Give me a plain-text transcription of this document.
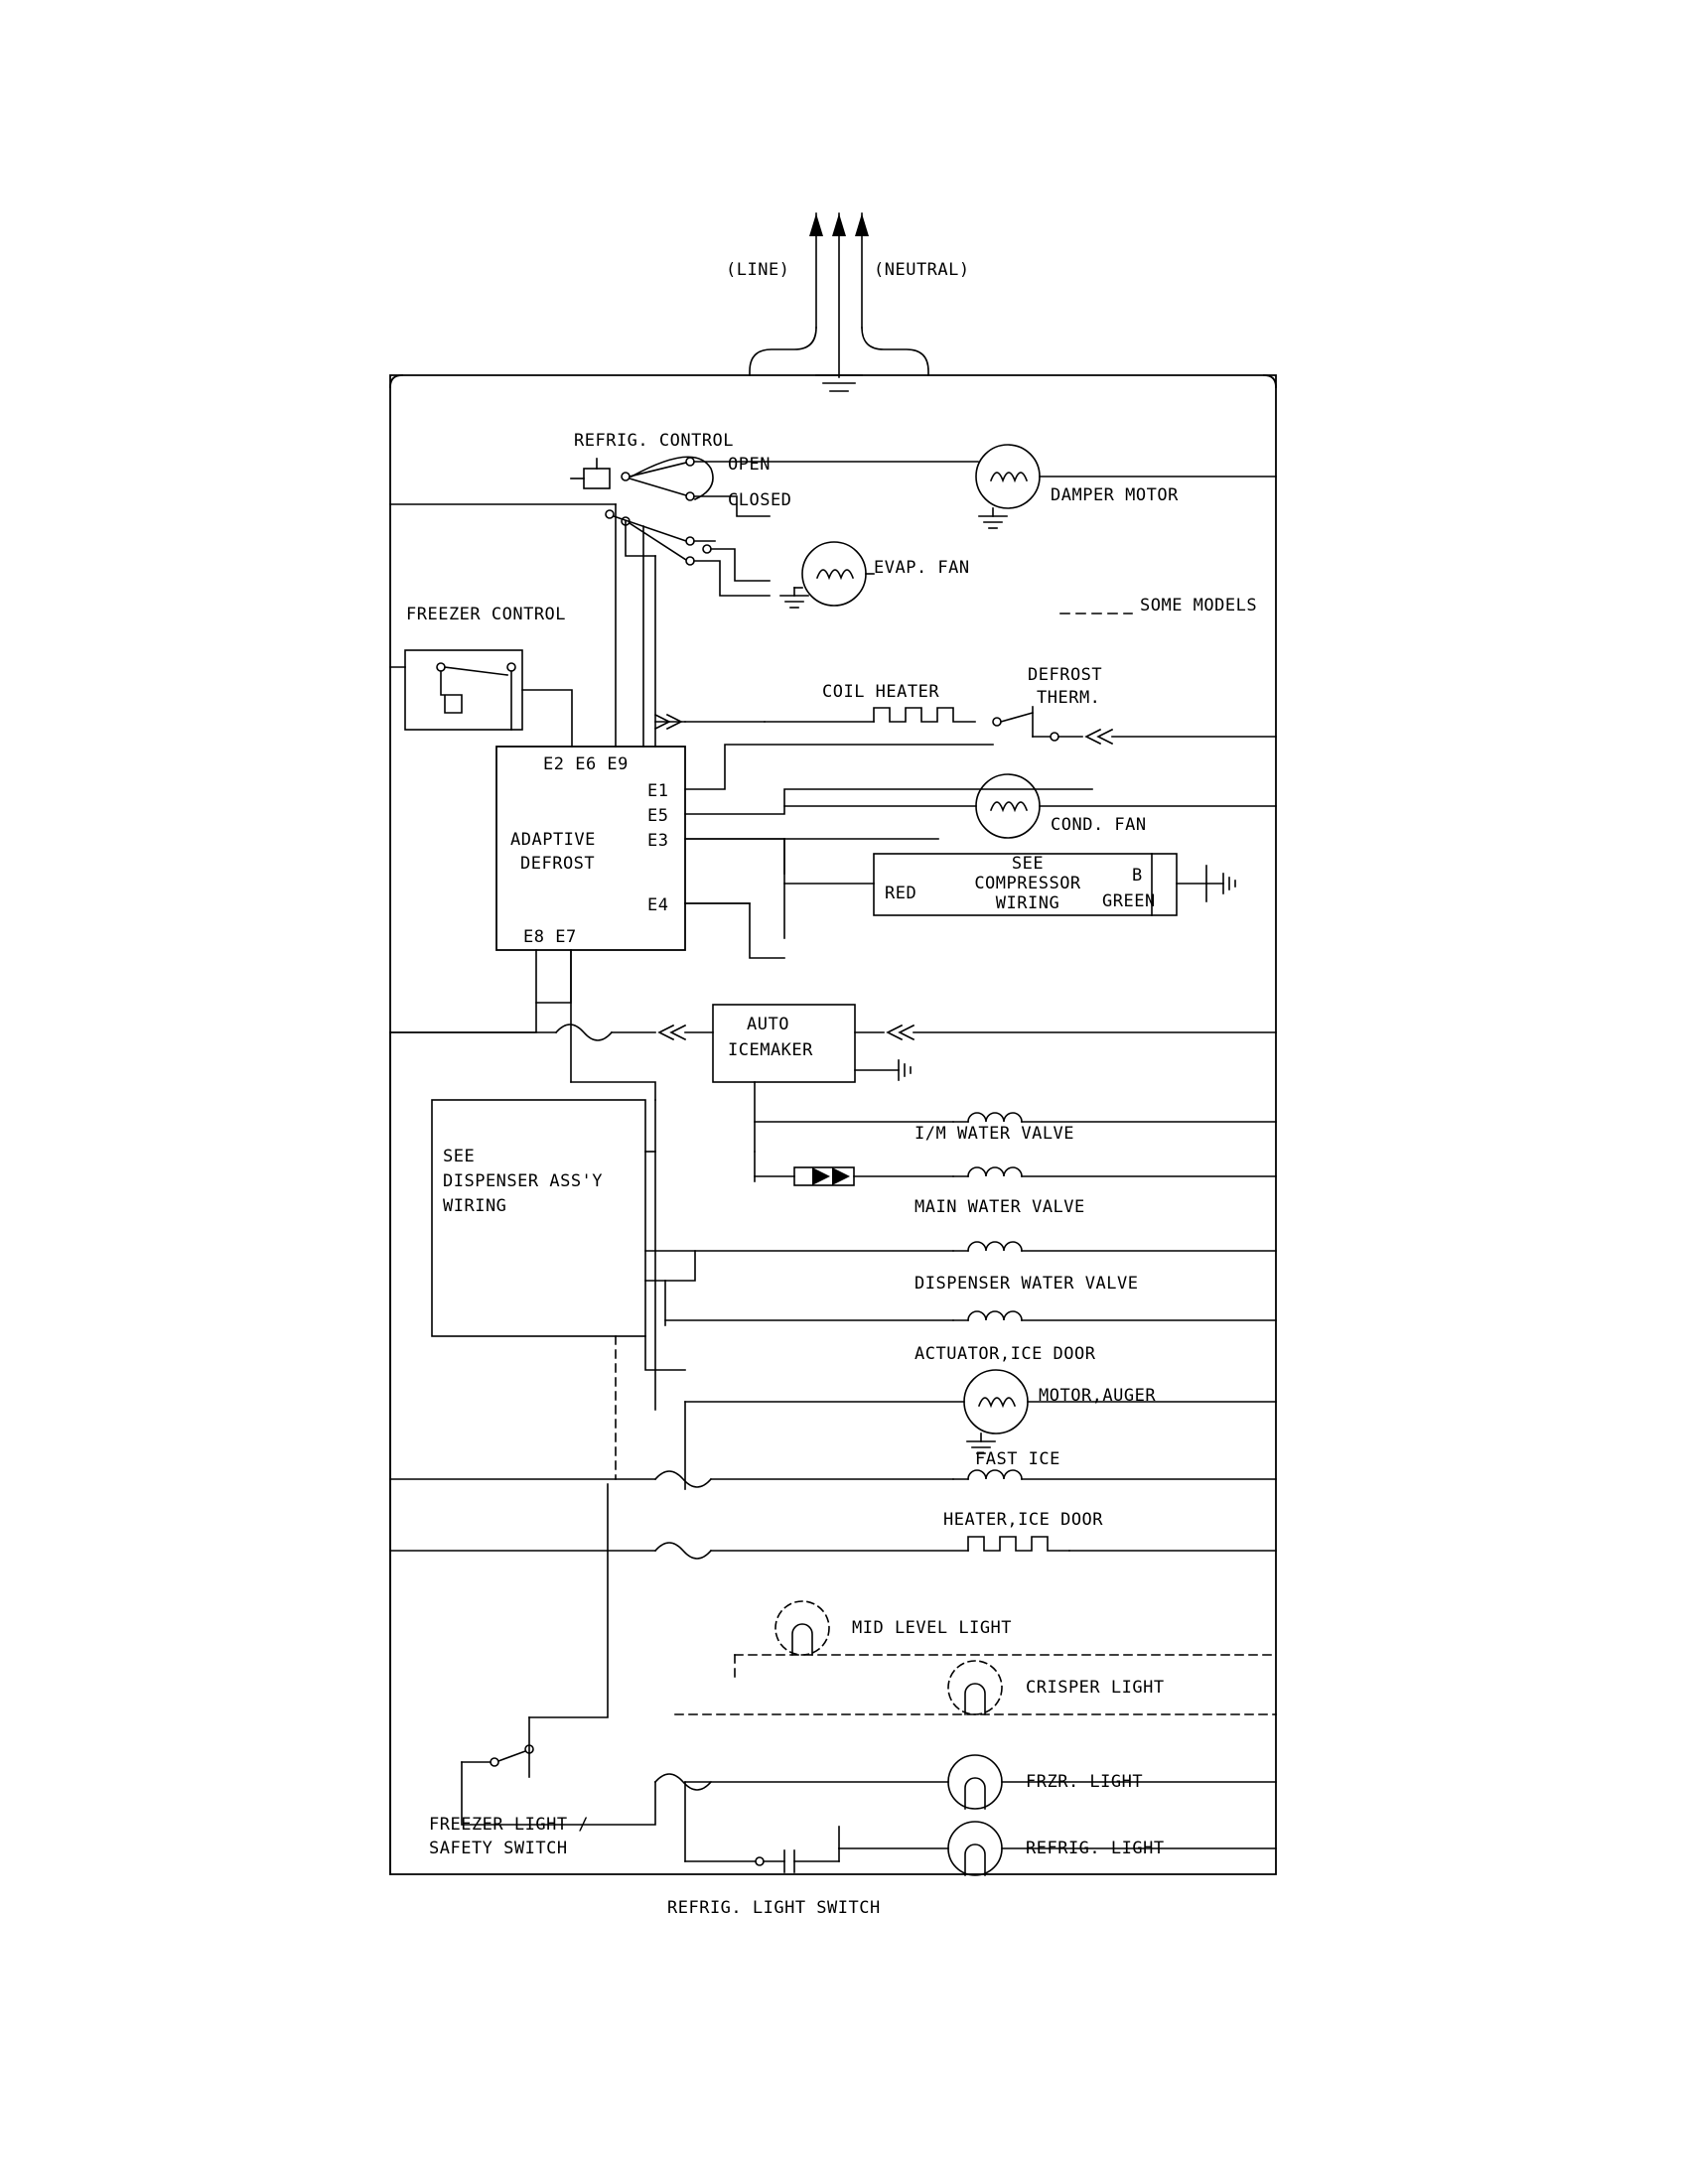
(LINE)	(NEUTRAL)
REFRIG. CONTROL
OPEN
CLOSED	DAMPER MOTOR
EVAP. FAN
SOME MODELS
FREEZER CONTROL
COIL HEATER
DEFROST
THERM.
E2 E6 E9
E1
E5
E3
E4
E8 E7
ADAPTIVE
DEFROST
COND. FAN
SEE
COMPRESSOR
WIRING
RED
B
GREEN
AUTO
ICEMAKER
SEE
DISPENSER ASS'Y
WIRING
I/M WATER VALVE
MAIN WATER VALVE
DISPENSER WATER VALVE
ACTUATOR,ICE DOOR
MOTOR,AUGER
FAST ICE
HEATER,ICE DOOR
MID LEVEL LIGHT
CRISPER LIGHT
FRZR. LIGHT
REFRIG. LIGHT
FREEZER LIGHT /
SAFETY SWITCH
REFRIG. LIGHT SWITCH
